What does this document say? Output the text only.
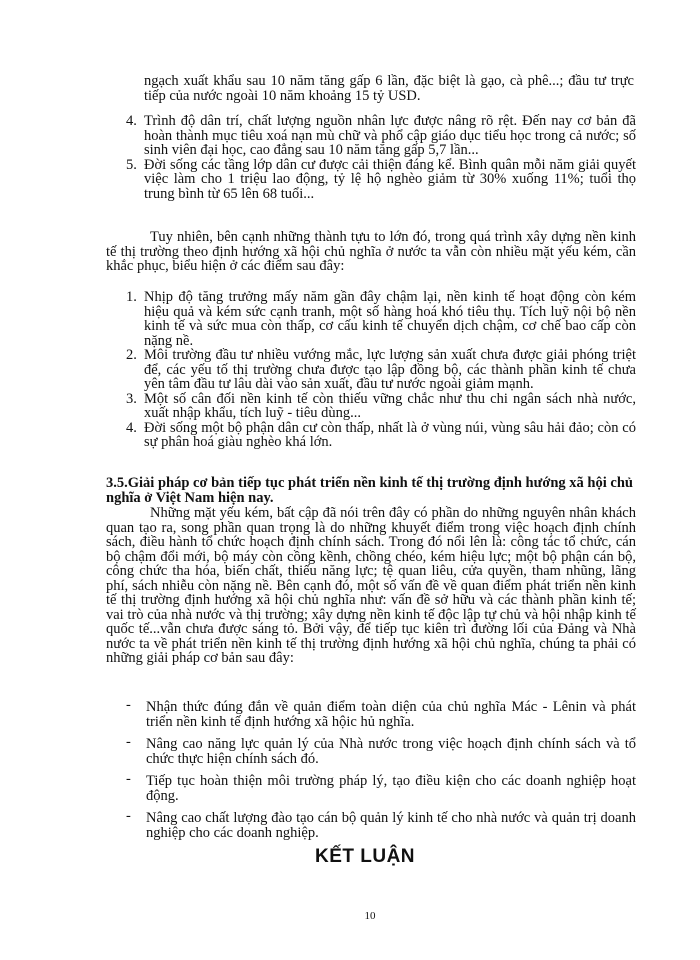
ngạch xuất khẩu sau 10 năm tăng gấp 6 lần, đặc biệt là gạo, cà phê...; đầu tư trực tiếp của nước ngoài 10 năm khoảng 15 tỷ USD.
4. Trình độ dân trí, chất lượng nguồn nhân lực được nâng rõ rệt. Đến nay cơ bản đã hoàn thành mục tiêu xoá nạn mù chữ và phổ cập giáo dục tiểu học trong cả nước; số sinh viên đại học, cao đẳng sau 10 năm tăng gấp 5,7 lần...
5. Đời sống các tầng lớp dân cư được cải thiện đáng kể. Bình quân mỗi năm giải quyết việc làm cho 1 triệu lao động, tỷ lệ hộ nghèo giảm từ 30% xuống 11%; tuổi thọ trung bình từ 65 lên 68 tuổi...

Tuy nhiên, bên cạnh những thành tựu to lớn đó, trong quá trình xây dựng nền kinh tế thị trường theo định hướng xã hội chủ nghĩa ở nước ta vẫn còn nhiều mặt yếu kém, cần khắc phục, biểu hiện ở các điểm sau đây:

1. Nhịp độ tăng trưởng mấy năm gần đây chậm lại, nền kinh tế hoạt động còn kém hiệu quả và kém sức cạnh tranh, một số hàng hoá khó tiêu thụ. Tích luỹ nội bộ nền kinh tế và sức mua còn thấp, cơ cấu kinh tế chuyển dịch chậm, cơ chế bao cấp còn nặng nề.
2. Môi trường đầu tư nhiều vướng mắc, lực lượng sản xuất chưa được giải phóng triệt để, các yếu tố thị trường chưa được tạo lập đồng bộ, các thành phần kinh tế chưa yên tâm đầu tư lâu dài vào sản xuất, đầu tư nước ngoài giảm mạnh.
3. Một số cân đối nền kinh tế còn thiếu vững chắc như thu chi ngân sách nhà nước, xuất nhập khẩu, tích luỹ - tiêu dùng...
4. Đời sống một bộ phận dân cư còn thấp, nhất là ở vùng núi, vùng sâu hải đảo; còn có sự phân hoá giàu nghèo khá lớn.
3.5.Giải pháp cơ bản tiếp tục phát triển nền kinh tế thị trường định hướng xã hội chủ nghĩa ở Việt Nam hiện nay.

Những mặt yếu kém, bất cập đã nói trên đây có phần do những nguyên nhân khách quan tạo ra, song phần quan trọng là do những khuyết điểm trong việc hoạch định chính sách, điều hành tổ chức hoạch định chính sách. Trong đó nổi lên là: công tác tổ chức, cán bộ chậm đổi mới, bộ máy còn cồng kềnh, chồng chéo, kém hiệu lực; một bộ phận cán bộ, công chức tha hóa, biến chất, thiếu năng lực; tệ quan liêu, cửa quyền, tham nhũng, lãng phí, sách nhiễu còn nặng nề. Bên cạnh đó, một số vấn đề về quan điểm phát triển nền kinh tế thị trường định hướng xã hội chủ nghĩa như: vấn đề sở hữu và các thành phần kinh tế; vai trò của nhà nước và thị trường; xây dựng nền kinh tế độc lập tự chủ và hội nhập kinh tế quốc tế...vẫn chưa được sáng tỏ. Bởi vậy, để tiếp tục kiên trì đường lối của Đảng và Nhà nước ta về phát triển nền kinh tế thị trường định hướng xã hội chủ nghĩa, chúng ta phải có những giải pháp cơ bản sau đây:

- Nhận thức đúng đắn về quản điểm toàn diện của chủ nghĩa Mác - Lênin và phát triển nền kinh tế định hướng xã hộic hủ nghĩa.
- Nâng cao năng lực quản lý của Nhà nước trong việc hoạch định chính sách và tổ chức thực hiện chính sách đó.
- Tiếp tục hoàn thiện môi trường pháp lý, tạo điều kiện cho các doanh nghiệp hoạt động.
- Nâng cao chất lượng đào tạo cán bộ quản lý kinh tế cho nhà nước và quản trị doanh nghiệp cho các doanh nghiệp.
KẾT LUẬN
10
